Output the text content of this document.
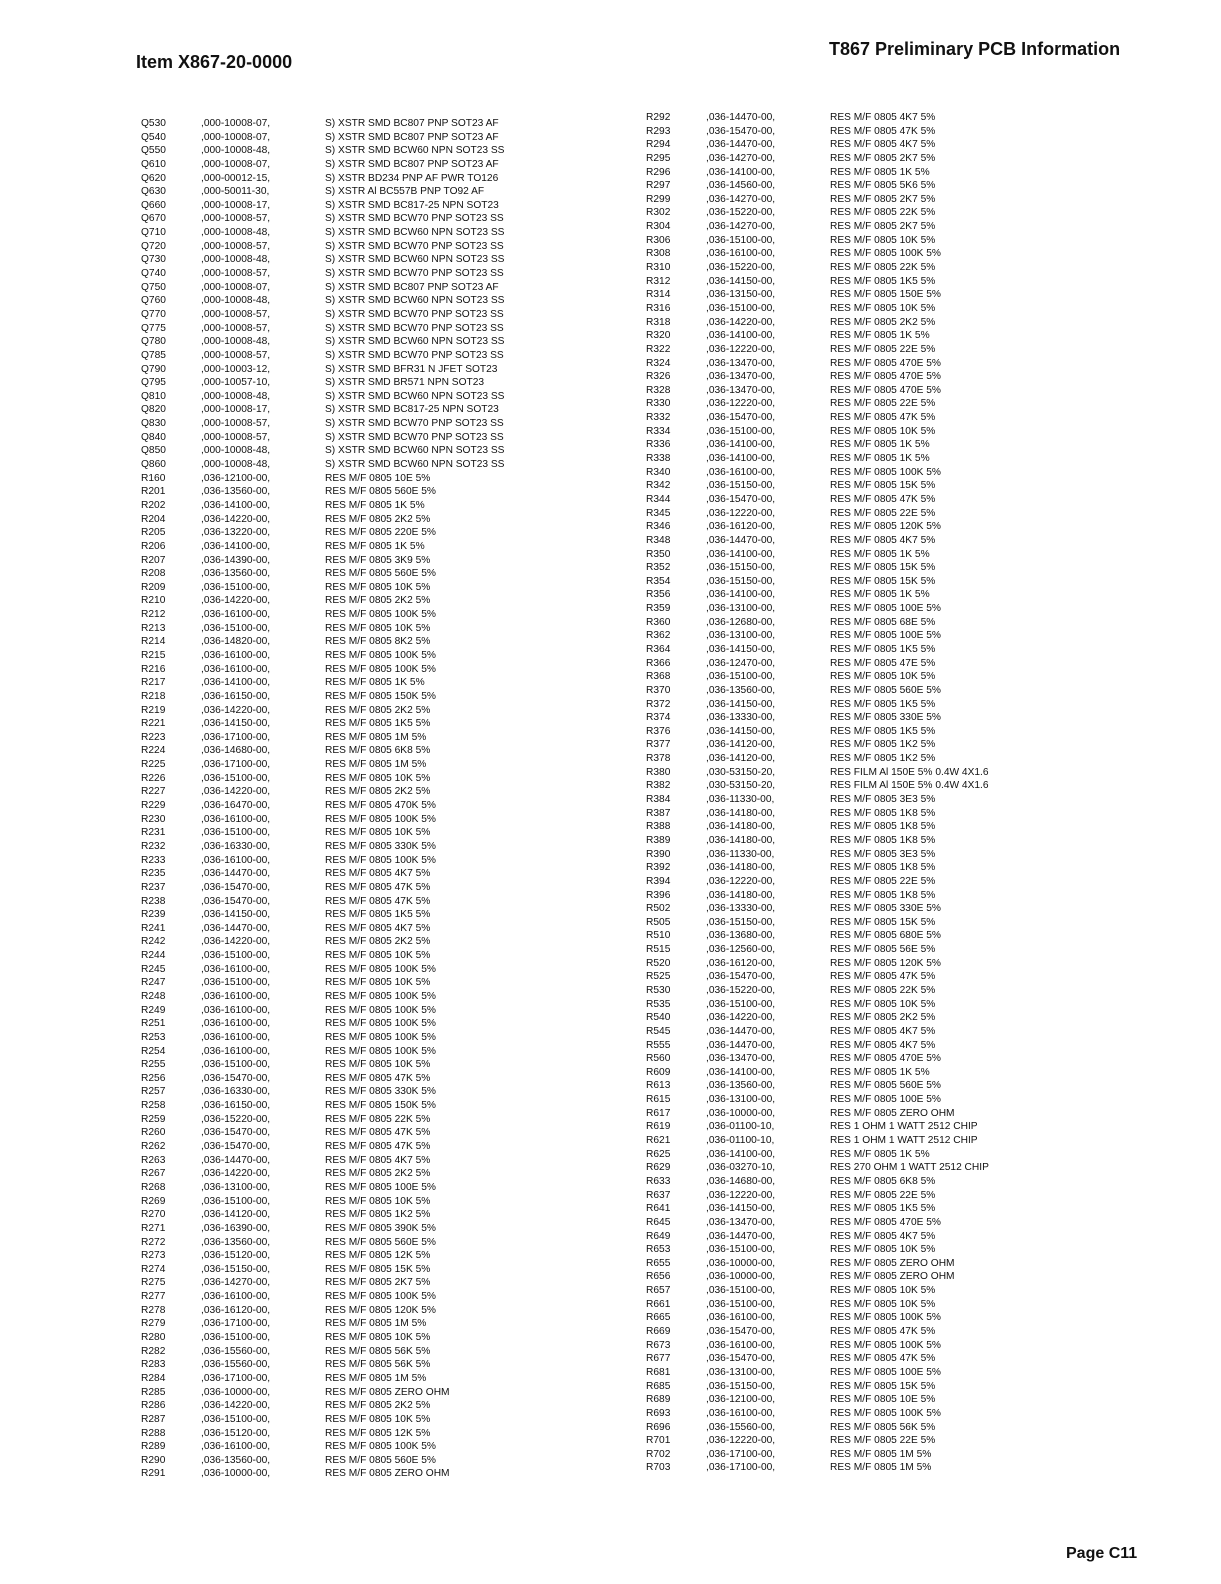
Item X867-20-0000
T867 Preliminary PCB Information
Q530	,000-10008-07,	S) XSTR SMD BC807 PNP SOT23 AF
Q540	,000-10008-07,	S) XSTR SMD BC807 PNP SOT23 AF
Q550	,000-10008-48,	S) XSTR SMD BCW60 NPN SOT23 SS
Q610	,000-10008-07,	S) XSTR SMD BC807 PNP SOT23 AF
Q620	,000-00012-15,	S) XSTR BD234 PNP AF PWR TO126
Q630	,000-50011-30,	S) XSTR Al BC557B PNP TO92 AF
Q660	,000-10008-17,	S) XSTR SMD BC817-25 NPN SOT23
Q670	,000-10008-57,	S) XSTR SMD BCW70 PNP SOT23 SS
Q710	,000-10008-48,	S) XSTR SMD BCW60 NPN SOT23 SS
Q720	,000-10008-57,	S) XSTR SMD BCW70 PNP SOT23 SS
Q730	,000-10008-48,	S) XSTR SMD BCW60 NPN SOT23 SS
Q740	,000-10008-57,	S) XSTR SMD BCW70 PNP SOT23 SS
Q750	,000-10008-07,	S) XSTR SMD BC807 PNP SOT23 AF
Q760	,000-10008-48,	S) XSTR SMD BCW60 NPN SOT23 SS
Q770	,000-10008-57,	S) XSTR SMD BCW70 PNP SOT23 SS
Q775	,000-10008-57,	S) XSTR SMD BCW70 PNP SOT23 SS
Q780	,000-10008-48,	S) XSTR SMD BCW60 NPN SOT23 SS
Q785	,000-10008-57,	S) XSTR SMD BCW70 PNP SOT23 SS
Q790	,000-10003-12,	S) XSTR SMD BFR31 N JFET SOT23
Q795	,000-10057-10,	S) XSTR SMD BR571 NPN SOT23
Q810	,000-10008-48,	S) XSTR SMD BCW60 NPN SOT23 SS
Q820	,000-10008-17,	S) XSTR SMD BC817-25 NPN SOT23
Q830	,000-10008-57,	S) XSTR SMD BCW70 PNP SOT23 SS
Q840	,000-10008-57,	S) XSTR SMD BCW70 PNP SOT23 SS
Q850	,000-10008-48,	S) XSTR SMD BCW60 NPN SOT23 SS
Q860	,000-10008-48,	S) XSTR SMD BCW60 NPN SOT23 SS
R160	,036-12100-00,	RES M/F 0805 10E 5%
R201	,036-13560-00,	RES M/F 0805 560E 5%
R202	,036-14100-00,	RES M/F 0805 1K 5%
R204	,036-14220-00,	RES M/F 0805 2K2 5%
R205	,036-13220-00,	RES M/F 0805 220E 5%
R206	,036-14100-00,	RES M/F 0805 1K 5%
R207	,036-14390-00,	RES M/F 0805 3K9 5%
R208	,036-13560-00,	RES M/F 0805 560E 5%
R209	,036-15100-00,	RES M/F 0805 10K 5%
R210	,036-14220-00,	RES M/F 0805 2K2 5%
R212	,036-16100-00,	RES M/F 0805 100K 5%
R213	,036-15100-00,	RES M/F 0805 10K 5%
R214	,036-14820-00,	RES M/F 0805 8K2 5%
R215	,036-16100-00,	RES M/F 0805 100K 5%
R216	,036-16100-00,	RES M/F 0805 100K 5%
R217	,036-14100-00,	RES M/F 0805 1K 5%
R218	,036-16150-00,	RES M/F 0805 150K 5%
R219	,036-14220-00,	RES M/F 0805 2K2 5%
R221	,036-14150-00,	RES M/F 0805 1K5 5%
R223	,036-17100-00,	RES M/F 0805 1M 5%
R224	,036-14680-00,	RES M/F 0805 6K8 5%
R225	,036-17100-00,	RES M/F 0805 1M 5%
R226	,036-15100-00,	RES M/F 0805 10K 5%
R227	,036-14220-00,	RES M/F 0805 2K2 5%
R229	,036-16470-00,	RES M/F 0805 470K 5%
R230	,036-16100-00,	RES M/F 0805 100K 5%
R231	,036-15100-00,	RES M/F 0805 10K 5%
R232	,036-16330-00,	RES M/F 0805 330K 5%
R233	,036-16100-00,	RES M/F 0805 100K 5%
R235	,036-14470-00,	RES M/F 0805 4K7 5%
R237	,036-15470-00,	RES M/F 0805 47K 5%
R238	,036-15470-00,	RES M/F 0805 47K 5%
R239	,036-14150-00,	RES M/F 0805 1K5 5%
R241	,036-14470-00,	RES M/F 0805 4K7 5%
R242	,036-14220-00,	RES M/F 0805 2K2 5%
R244	,036-15100-00,	RES M/F 0805 10K 5%
R245	,036-16100-00,	RES M/F 0805 100K 5%
R247	,036-15100-00,	RES M/F 0805 10K 5%
R248	,036-16100-00,	RES M/F 0805 100K 5%
R249	,036-16100-00,	RES M/F 0805 100K 5%
R251	,036-16100-00,	RES M/F 0805 100K 5%
R253	,036-16100-00,	RES M/F 0805 100K 5%
R254	,036-16100-00,	RES M/F 0805 100K 5%
R255	,036-15100-00,	RES M/F 0805 10K 5%
R256	,036-15470-00,	RES M/F 0805 47K 5%
R257	,036-16330-00,	RES M/F 0805 330K 5%
R258	,036-16150-00,	RES M/F 0805 150K 5%
R259	,036-15220-00,	RES M/F 0805 22K 5%
R260	,036-15470-00,	RES M/F 0805 47K 5%
R262	,036-15470-00,	RES M/F 0805 47K 5%
R263	,036-14470-00,	RES M/F 0805 4K7 5%
R267	,036-14220-00,	RES M/F 0805 2K2 5%
R268	,036-13100-00,	RES M/F 0805 100E 5%
R269	,036-15100-00,	RES M/F 0805 10K 5%
R270	,036-14120-00,	RES M/F 0805 1K2 5%
R271	,036-16390-00,	RES M/F 0805 390K 5%
R272	,036-13560-00,	RES M/F 0805 560E 5%
R273	,036-15120-00,	RES M/F 0805 12K 5%
R274	,036-15150-00,	RES M/F 0805 15K 5%
R275	,036-14270-00,	RES M/F 0805 2K7 5%
R277	,036-16100-00,	RES M/F 0805 100K 5%
R278	,036-16120-00,	RES M/F 0805 120K 5%
R279	,036-17100-00,	RES M/F 0805 1M 5%
R280	,036-15100-00,	RES M/F 0805 10K 5%
R282	,036-15560-00,	RES M/F 0805 56K 5%
R283	,036-15560-00,	RES M/F 0805 56K 5%
R284	,036-17100-00,	RES M/F 0805 1M 5%
R285	,036-10000-00,	RES M/F 0805 ZERO OHM
R286	,036-14220-00,	RES M/F 0805 2K2 5%
R287	,036-15100-00,	RES M/F 0805 10K 5%
R288	,036-15120-00,	RES M/F 0805 12K 5%
R289	,036-16100-00,	RES M/F 0805 100K 5%
R290	,036-13560-00,	RES M/F 0805 560E 5%
R291	,036-10000-00,	RES M/F 0805 ZERO OHM
R292	,036-14470-00,	RES M/F 0805 4K7 5%
R293	,036-15470-00,	RES M/F 0805 47K 5%
R294	,036-14470-00,	RES M/F 0805 4K7 5%
R295	,036-14270-00,	RES M/F 0805 2K7 5%
R296	,036-14100-00,	RES M/F 0805 1K 5%
R297	,036-14560-00,	RES M/F 0805 5K6 5%
R299	,036-14270-00,	RES M/F 0805 2K7 5%
R302	,036-15220-00,	RES M/F 0805 22K 5%
R304	,036-14270-00,	RES M/F 0805 2K7 5%
R306	,036-15100-00,	RES M/F 0805 10K 5%
R308	,036-16100-00,	RES M/F 0805 100K 5%
R310	,036-15220-00,	RES M/F 0805 22K 5%
R312	,036-14150-00,	RES M/F 0805 1K5 5%
R314	,036-13150-00,	RES M/F 0805 150E 5%
R316	,036-15100-00,	RES M/F 0805 10K 5%
R318	,036-14220-00,	RES M/F 0805 2K2 5%
R320	,036-14100-00,	RES M/F 0805 1K 5%
R322	,036-12220-00,	RES M/F 0805 22E 5%
R324	,036-13470-00,	RES M/F 0805 470E 5%
R326	,036-13470-00,	RES M/F 0805 470E 5%
R328	,036-13470-00,	RES M/F 0805 470E 5%
R330	,036-12220-00,	RES M/F 0805 22E 5%
R332	,036-15470-00,	RES M/F 0805 47K 5%
R334	,036-15100-00,	RES M/F 0805 10K 5%
R336	,036-14100-00,	RES M/F 0805 1K 5%
R338	,036-14100-00,	RES M/F 0805 1K 5%
R340	,036-16100-00,	RES M/F 0805 100K 5%
R342	,036-15150-00,	RES M/F 0805 15K 5%
R344	,036-15470-00,	RES M/F 0805 47K 5%
R345	,036-12220-00,	RES M/F 0805 22E 5%
R346	,036-16120-00,	RES M/F 0805 120K 5%
R348	,036-14470-00,	RES M/F 0805 4K7 5%
R350	,036-14100-00,	RES M/F 0805 1K 5%
R352	,036-15150-00,	RES M/F 0805 15K 5%
R354	,036-15150-00,	RES M/F 0805 15K 5%
R356	,036-14100-00,	RES M/F 0805 1K 5%
R359	,036-13100-00,	RES M/F 0805 100E 5%
R360	,036-12680-00,	RES M/F 0805 68E 5%
R362	,036-13100-00,	RES M/F 0805 100E 5%
R364	,036-14150-00,	RES M/F 0805 1K5 5%
R366	,036-12470-00,	RES M/F 0805 47E 5%
R368	,036-15100-00,	RES M/F 0805 10K 5%
R370	,036-13560-00,	RES M/F 0805 560E 5%
R372	,036-14150-00,	RES M/F 0805 1K5 5%
R374	,036-13330-00,	RES M/F 0805 330E 5%
R376	,036-14150-00,	RES M/F 0805 1K5 5%
R377	,036-14120-00,	RES M/F 0805 1K2 5%
R378	,036-14120-00,	RES M/F 0805 1K2 5%
R380	,030-53150-20,	RES FILM Al 150E 5% 0.4W 4X1.6
R382	,030-53150-20,	RES FILM Al 150E 5% 0.4W 4X1.6
R384	,036-11330-00,	RES M/F 0805 3E3 5%
R387	,036-14180-00,	RES M/F 0805 1K8 5%
R388	,036-14180-00,	RES M/F 0805 1K8 5%
R389	,036-14180-00,	RES M/F 0805 1K8 5%
R390	,036-11330-00,	RES M/F 0805 3E3 5%
R392	,036-14180-00,	RES M/F 0805 1K8 5%
R394	,036-12220-00,	RES M/F 0805 22E 5%
R396	,036-14180-00,	RES M/F 0805 1K8 5%
R502	,036-13330-00,	RES M/F 0805 330E 5%
R505	,036-15150-00,	RES M/F 0805 15K 5%
R510	,036-13680-00,	RES M/F 0805 680E 5%
R515	,036-12560-00,	RES M/F 0805 56E 5%
R520	,036-16120-00,	RES M/F 0805 120K 5%
R525	,036-15470-00,	RES M/F 0805 47K 5%
R530	,036-15220-00,	RES M/F 0805 22K 5%
R535	,036-15100-00,	RES M/F 0805 10K 5%
R540	,036-14220-00,	RES M/F 0805 2K2 5%
R545	,036-14470-00,	RES M/F 0805 4K7 5%
R555	,036-14470-00,	RES M/F 0805 4K7 5%
R560	,036-13470-00,	RES M/F 0805 470E 5%
R609	,036-14100-00,	RES M/F 0805 1K 5%
R613	,036-13560-00,	RES M/F 0805 560E 5%
R615	,036-13100-00,	RES M/F 0805 100E 5%
R617	,036-10000-00,	RES M/F 0805 ZERO OHM
R619	,036-01100-10,	RES 1 OHM 1 WATT 2512 CHIP
R621	,036-01100-10,	RES 1 OHM 1 WATT 2512 CHIP
R625	,036-14100-00,	RES M/F 0805 1K 5%
R629	,036-03270-10,	RES 270 OHM 1 WATT 2512 CHIP
R633	,036-14680-00,	RES M/F 0805 6K8 5%
R637	,036-12220-00,	RES M/F 0805 22E 5%
R641	,036-14150-00,	RES M/F 0805 1K5 5%
R645	,036-13470-00,	RES M/F 0805 470E 5%
R649	,036-14470-00,	RES M/F 0805 4K7 5%
R653	,036-15100-00,	RES M/F 0805 10K 5%
R655	,036-10000-00,	RES M/F 0805 ZERO OHM
R656	,036-10000-00,	RES M/F 0805 ZERO OHM
R657	,036-15100-00,	RES M/F 0805 10K 5%
R661	,036-15100-00,	RES M/F 0805 10K 5%
R665	,036-16100-00,	RES M/F 0805 100K 5%
R669	,036-15470-00,	RES M/F 0805 47K 5%
R673	,036-16100-00,	RES M/F 0805 100K 5%
R677	,036-15470-00,	RES M/F 0805 47K 5%
R681	,036-13100-00,	RES M/F 0805 100E 5%
R685	,036-15150-00,	RES M/F 0805 15K 5%
R689	,036-12100-00,	RES M/F 0805 10E 5%
R693	,036-16100-00,	RES M/F 0805 100K 5%
R696	,036-15560-00,	RES M/F 0805 56K 5%
R701	,036-12220-00,	RES M/F 0805 22E 5%
R702	,036-17100-00,	RES M/F 0805 1M 5%
R703	,036-17100-00,	RES M/F 0805 1M 5%
Page C11
